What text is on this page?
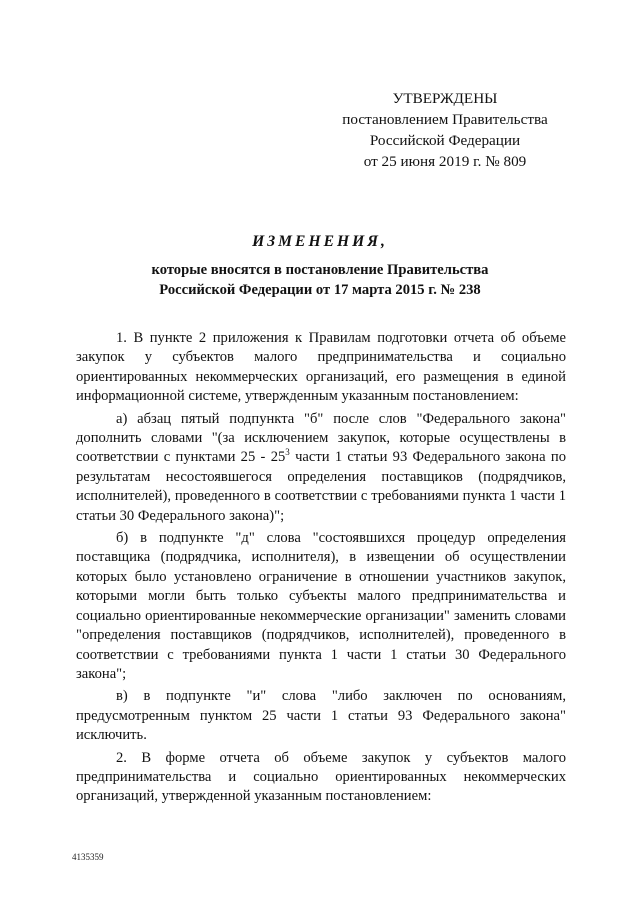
УТВЕРЖДЕНЫ
постановлением Правительства
Российской Федерации
от 25 июня 2019 г. № 809
ИЗМЕНЕНИЯ,
которые вносятся в постановление Правительства
Российской Федерации от 17 марта 2015 г. № 238

1. В пункте 2 приложения к Правилам подготовки отчета об объеме закупок у субъектов малого предпринимательства и социально ориентированных некоммерческих организаций, его размещения в единой информационной системе, утвержденным указанным постановлением:

а) абзац пятый подпункта "б" после слов "Федерального закона" дополнить словами "(за исключением закупок, которые осуществлены в соответствии с пунктами $25 - 25^3$ части 1 статьи 93 Федерального закона по результатам несостоявшегося определения поставщиков (подрядчиков, исполнителей), проведенного в соответствии с требованиями пункта 1 части 1 статьи 30 Федерального закона)";

б) в подпункте "д" слова "состоявшихся процедур определения поставщика (подрядчика, исполнителя), в извещении об осуществлении которых было установлено ограничение в отношении участников закупок, которыми могли быть только субъекты малого предпринимательства и социально ориентированные некоммерческие организации" заменить словами "определения поставщиков (подрядчиков, исполнителей), проведенного в соответствии с требованиями пункта 1 части 1 статьи 30 Федерального закона";

в) в подпункте "и" слова "либо заключен по основаниям, предусмотренным пунктом 25 части 1 статьи 93 Федерального закона" исключить.

2. В форме отчета об объеме закупок у субъектов малого предпринимательства и социально ориентированных некоммерческих организаций, утвержденной указанным постановлением:

4135359
